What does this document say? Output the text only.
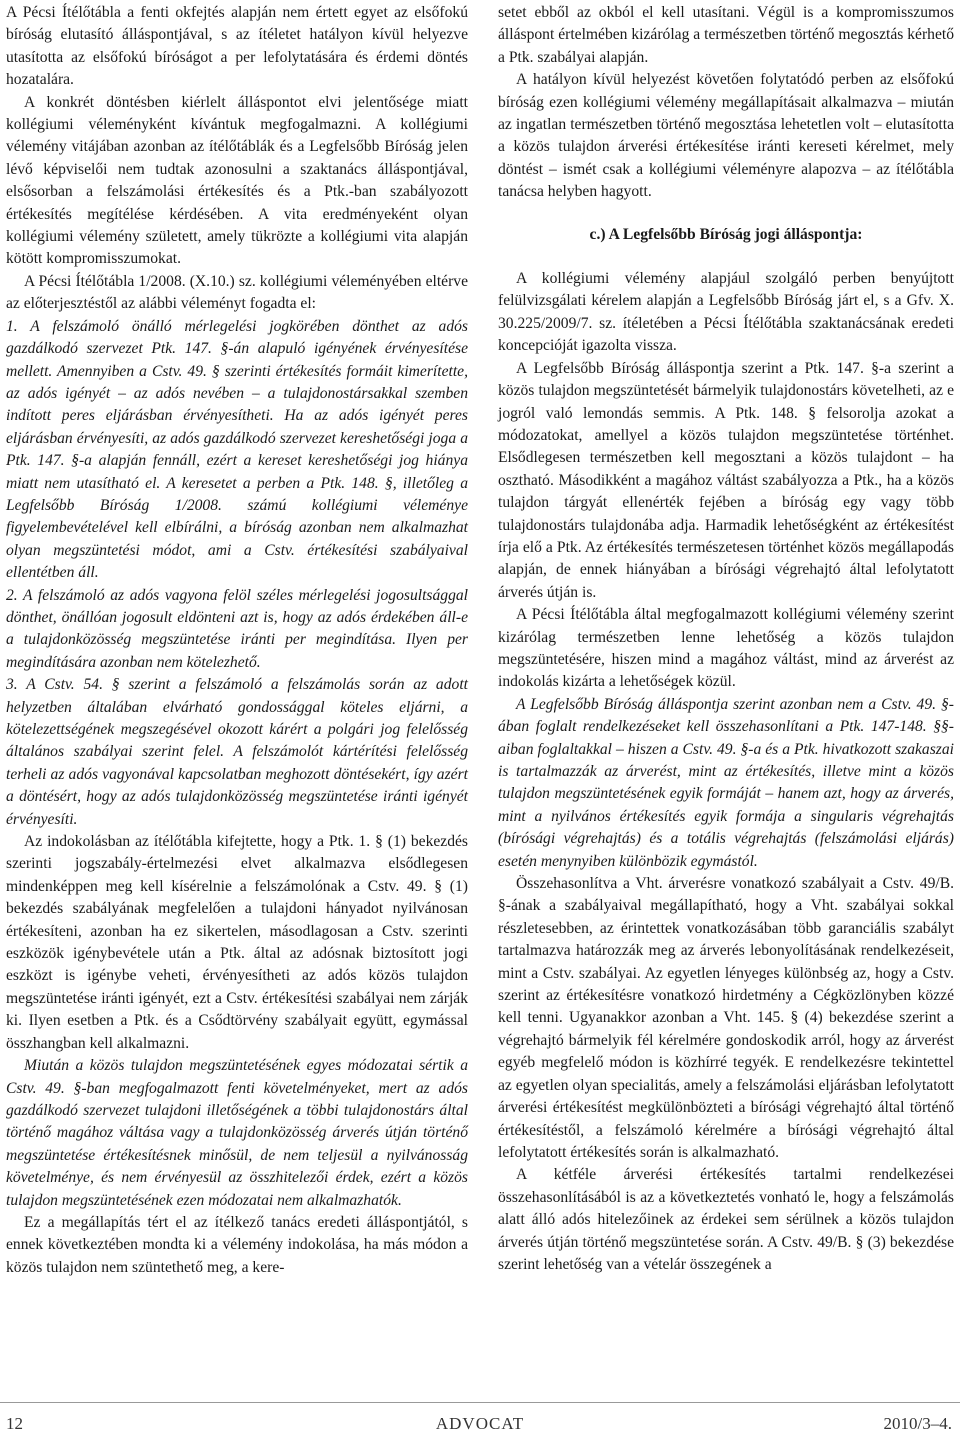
A Pécsi Ítélőtábla a fenti okfejtés alapján nem értett egyet az elsőfokú bíróság elutasító álláspontjával, s az ítéletet hatályon kívül helyezve utasította az elsőfokú bíróságot a per lefolytatására és érdemi döntés hozatalára.

A konkrét döntésben kiérlelt álláspontot elvi jelentősége miatt kollégiumi véleményként kívántuk megfogalmazni. A kollégiumi vélemény vitájában azonban az ítélőtáblák és a Legfelsőbb Bíróság jelen lévő képviselői nem tudtak azonosulni a szaktanács álláspontjával, elsősorban a felszámolási értékesítés és a Ptk.-ban szabályozott értékesítés megítélése kérdésében. A vita eredményeként olyan kollégiumi vélemény született, amely tükrözte a kollégiumi vita alapján kötött kompromisszumokat.

A Pécsi Ítélőtábla 1/2008. (X.10.) sz. kollégiumi véleményében eltérve az előterjesztéstől az alábbi véleményt fogadta el:

1. A felszámoló önálló mérlegelési jogkörében dönthet az adós gazdálkodó szervezet Ptk. 147. §-án alapuló igényének érvényesítése mellett. Amennyiben a Cstv. 49. § szerinti értékesítés formáit kimerítette, az adós igényét – az adós nevében – a tulajdonostársakkal szemben indított peres eljárásban érvényesítheti. Ha az adós igényét peres eljárásban érvényesíti, az adós gazdálkodó szervezet kereshetőségi joga a Ptk. 147. §-a alapján fennáll, ezért a kereset kereshetőségi jog hiánya miatt nem utasítható el. A keresetet a perben a Ptk. 148. §, illetőleg a Legfelsőbb Bíróság 1/2008. számú kollégiumi véleménye figyelembevételével kell elbírálni, a bíróság azonban nem alkalmazhat olyan megszüntetési módot, ami a Cstv. értékesítési szabályaival ellentétben áll.

2. A felszámoló az adós vagyona felöl széles mérlegelési jogosultsággal dönthet, önállóan jogosult eldönteni azt is, hogy az adós érdekében áll-e a tulajdonközösség megszüntetése iránti per megindítása. Ilyen per megindítására azonban nem kötelezhető.

3. A Cstv. 54. § szerint a felszámoló a felszámolás során az adott helyzetben általában elvárható gondossággal köteles eljárni, a kötelezettségének megszegésével okozott kárért a polgári jog felelősség általános szabályai szerint felel. A felszámolót kártérítési felelősség terheli az adós vagyonával kapcsolatban meghozott döntésekért, így azért a döntésért, hogy az adós tulajdonközösség megszüntetése iránti igényét érvényesíti.

Az indokolásban az ítélőtábla kifejtette, hogy a Ptk. 1. § (1) bekezdés szerinti jogszabály-értelmezési elvet alkalmazva elsődlegesen mindenképpen meg kell kísérelnie a felszámolónak a Cstv. 49. § (1) bekezdés szabályának megfelelően a tulajdoni hányadot nyilvánosan értékesíteni, azonban ha ez sikertelen, másodlagosan a Cstv. szerinti eszközök igénybevétele után a Ptk. által az adósnak biztosított jogi eszközt is igénybe veheti, érvényesítheti az adós közös tulajdon megszüntetése iránti igényét, ezt a Cstv. értékesítési szabályai nem zárják ki. Ilyen esetben a Ptk. és a Csődtörvény szabályait együtt, egymással összhangban kell alkalmazni.

Miután a közös tulajdon megszüntetésének egyes módozatai sértik a Cstv. 49. §-ban megfogalmazott fenti követelményeket, mert az adós gazdálkodó szervezet tulajdoni illetőségének a többi tulajdonostárs által történő magához váltása vagy a tulajdonközösség árverés útján történő megszüntetése értékesítésnek minősül, de nem teljesül a nyilvánosság követelménye, és nem érvényesül az összhitelezői érdek, ezért a közös tulajdon megszüntetésének ezen módozatai nem alkalmazhatók.

Ez a megállapítás tért el az ítélkező tanács eredeti álláspontjától, s ennek következtében mondta ki a vélemény indokolása, ha más módon a közös tulajdon nem szüntethető meg, a kere-

setet ebből az okból el kell utasítani. Végül is a kompromisszumos álláspont értelmében kizárólag a természetben történő megosztás kérhető a Ptk. szabályai alapján.

A hatályon kívül helyezést követően folytatódó perben az elsőfokú bíróság ezen kollégiumi vélemény megállapításait alkalmazva – miután az ingatlan természetben történő megosztása lehetetlen volt – elutasította a közös tulajdon árverési értékesítése iránti kereseti kérelmet, mely döntést – ismét csak a kollégiumi véleményre alapozva – az ítélőtábla tanácsa helyben hagyott.

c.) A Legfelsőbb Bíróság jogi álláspontja:

A kollégiumi vélemény alapjául szolgáló perben benyújtott felülvizsgálati kérelem alapján a Legfelsőbb Bíróság járt el, s a Gfv. X. 30.225/2009/7. sz. ítéletében a Pécsi Ítélőtábla szaktanácsának eredeti koncepcióját igazolta vissza.

A Legfelsőbb Bíróság álláspontja szerint a Ptk. 147. §-a szerint a közös tulajdon megszüntetését bármelyik tulajdonostárs követelheti, az e jogról való lemondás semmis. A Ptk. 148. § felsorolja azokat a módozatokat, amellyel a közös tulajdon megszüntetése történhet. Elsődlegesen természetben kell megosztani a közös tulajdont – ha osztható. Másodikként a magához váltást szabályozza a Ptk., ha a közös tulajdon tárgyát ellenérték fejében a bíróság egy vagy több tulajdonostárs tulajdonába adja. Harmadik lehetőségként az értékesítést írja elő a Ptk. Az értékesítés természetesen történhet közös megállapodás alapján, de ennek hiányában a bírósági végrehajtó által lefolytatott árverés útján is.

A Pécsi Ítélőtábla által megfogalmazott kollégiumi vélemény szerint kizárólag természetben lenne lehetőség a közös tulajdon megszüntetésére, hiszen mind a magához váltást, mind az árverést az indokolás kizárta a lehetőségek közül.

A Legfelsőbb Bíróság álláspontja szerint azonban nem a Cstv. 49. §-ában foglalt rendelkezéseket kell összehasonlítani a Ptk. 147-148. §§-aiban foglaltakkal – hiszen a Cstv. 49. §-a és a Ptk. hivatkozott szakaszai is tartalmazzák az árverést, mint az értékesítés, illetve mint a közös tulajdon megszüntetésének egyik formáját – hanem azt, hogy az árverés, mint a nyilvános értékesítés egyik formája a singularis végrehajtás (bírósági végrehajtás) és a totális végrehajtás (felszámolási eljárás) esetén menynyiben különbözik egymástól.

Összehasonlítva a Vht. árverésre vonatkozó szabályait a Cstv. 49/B. §-ának a szabályaival megállapítható, hogy a Vht. szabályai sokkal részletesebben, az érintettek vonatkozásában több garanciális szabályt tartalmazva határozzák meg az árverés lebonyolításának rendelkezéseit, mint a Cstv. szabályai. Az egyetlen lényeges különbség az, hogy a Cstv. szerint az értékesítésre vonatkozó hirdetmény a Cégközlönyben közzé kell tenni. Ugyanakkor azonban a Vht. 145. § (4) bekezdése szerint a végrehajtó bármelyik fél kérelmére gondoskodik arról, hogy az árverést egyéb megfelelő módon is közhírré tegyék. E rendelkezésre tekintettel az egyetlen olyan specialitás, amely a felszámolási eljárásban lefolytatott árverési értékesítést megkülönbözteti a bírósági végrehajtó által történő értékesítéstől, a felszámoló kérelmére a bírósági végrehajtó által lefolytatott értékesítés során is alkalmazható.

A kétféle árverési értékesítés tartalmi rendelkezései összehasonlításából is az a következtetés vonható le, hogy a felszámolás alatt álló adós hitelezőinek az érdekei sem sérülnek a közös tulajdon árverés útján történő megszüntetése során. A Cstv. 49/B. § (3) bekezdése szerint lehetőség van a vételár összegének a

12	ADVOCAT	2010/3–4.
